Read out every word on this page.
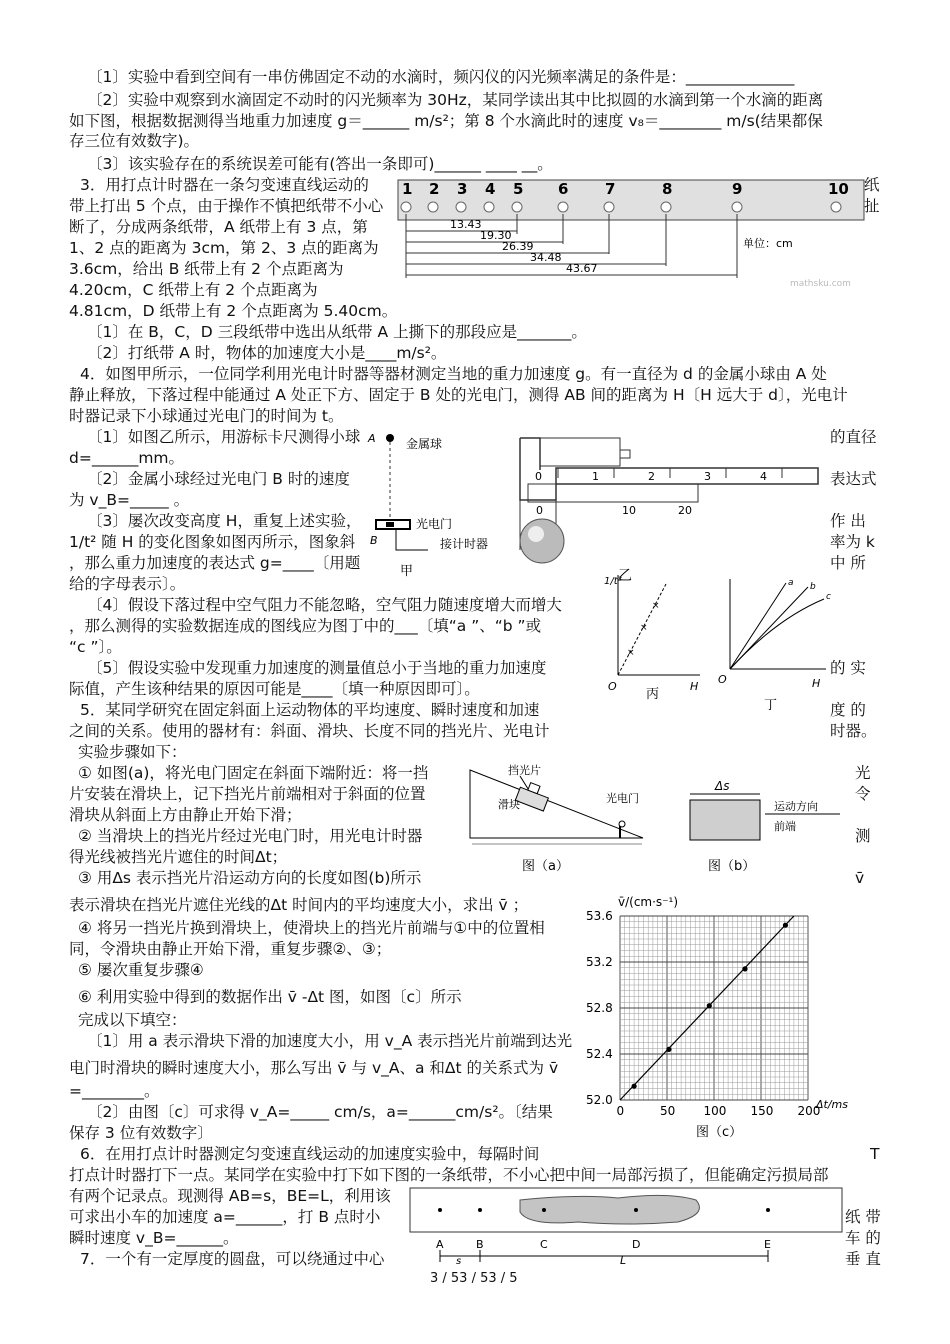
〔1〕实验中看到空间有一串仿佛固定不动的水滴时，频闪仪的闪光频率满足的条件是：______________
〔2〕实验中观察到水滴固定不动时的闪光频率为 30Hz，某同学读出其中比拟圆的水滴到第一个水滴的距离
如下图，根据数据测得当地重力加速度 g＝______ m/s²；第 8 个水滴此时的速度 v₈＝________ m/s(结果都保
存三位有效数字)。
〔3〕该实验存在的系统误差可能有(答出一条即可)______ ____ __。
3．用打点计时器在一条匀变速直线运动的	纸
带上打出 5 个点，由于操作不慎把纸带不小心	扯
断了，分成两条纸带，A 纸带上有 3 点，第
1、2 点的距离为 3cm，第 2、3 点的距离为
3.6cm，给出 B 纸带上有 2 个点距离为
4.20cm，C 纸带上有 2 个点距离为
4.81cm，D 纸带上有 2 个点距离为 5.40cm。
〔1〕在 B，C，D 三段纸带中选出从纸带 A 上撕下的那段应是_______。
〔2〕打纸带 A 时，物体的加速度大小是____m/s²。
4．如图甲所示，一位同学利用光电计时器等器材测定当地的重力加速度 g。有一直径为 d 的金属小球由 A 处
静止释放，下落过程中能通过 A 处正下方、固定于 B 处的光电门，测得 AB 间的距离为 H〔H 远大于 d〕，光电计
时器记录下小球通过光电门的时间为 t。
〔1〕如图乙所示，用游标卡尺测得小球	的直径
d=______mm。
〔2〕金属小球经过光电门 B 时的速度	表达式
为 v_B=_____ 。
〔3〕屡次改变高度 H，重复上述实验，	作 出
1/t² 随 H 的变化图象如图丙所示，图象斜	率为 k
，那么重力加速度的表达式 g=____〔用题	中 所
给的字母表示〕。
〔4〕假设下落过程中空气阻力不能忽略，空气阻力随速度增大而增大
，那么测得的实验数据连成的图线应为图丁中的___〔填“a ”、“b ”或
“c ”〕。
〔5〕假设实验中发现重力加速度的测量值总小于当地的重力加速度	的 实
际值，产生该种结果的原因可能是____〔填一种原因即可〕。
5．某同学研究在固定斜面上运动物体的平均速度、瞬时速度和加速	度 的
之间的关系。使用的器材有：斜面、滑块、长度不同的挡光片、光电计	时器。
实验步骤如下：
① 如图(a)，将光电门固定在斜面下端附近：将一挡	光
片安装在滑块上，记下挡光片前端相对于斜面的位置	令
滑块从斜面上方由静止开始下滑；
② 当滑块上的挡光片经过光电门时，用光电计时器	测
得光线被挡光片遮住的时间Δt；
③ 用Δs 表示挡光片沿运动方向的长度如图(b)所示	v̄
表示滑块在挡光片遮住光线的Δt 时间内的平均速度大小，求出 v̄ ；
④ 将另一挡光片换到滑块上，使滑块上的挡光片前端与①中的位置相
同，令滑块由静止开始下滑，重复步骤②、③；
⑤ 屡次重复步骤④
⑥ 利用实验中得到的数据作出 v̄ -Δt 图，如图〔c〕所示
完成以下填空：
〔1〕用 a 表示滑块下滑的加速度大小，用 v_A 表示挡光片前端到达光
电门时滑块的瞬时速度大小，那么写出 v̄ 与 v_A、a 和Δt 的关系式为 v̄
=________。
〔2〕由图〔c〕可求得 v_A=_____ cm/s，a=______cm/s²。〔结果
保存 3 位有效数字〕
6．在用打点计时器测定匀变速直线运动的加速度实验中，每隔时间	T
打点计时器打下一点。某同学在实验中打下如下图的一条纸带，不小心把中间一局部污损了，但能确定污损局部
有两个记录点。现测得 AB=s，BE=L，利用该
纸 带
可求出小车的加速度 a=______，打 B 点时小
车 的
瞬时速度 v_B=______。
7．一个有一定厚度的圆盘，可以绕通过中心	垂 直
3 / 53 / 53 / 5
1 2 3 4 5 6 7	8	9	10
13.43
19.30
26.39
34.48
43.67
单位：cm
mathsku.com
A	金属球
光电门
B	接计时器
甲
0	1	2	3	4
0	10	20
乙
1/t²
×
×
×
O	H
丙
O	H
a b
c
丁
挡光片
滑块	光电门
图（a）
Δs
运动方向
前端
图（b）
v̄/(cm·s⁻¹)
Δt/ms
图（c）
0	50 100 150 200
52.0
52.4
52.8
53.2
53.6
A	B	C	D	E
s	L
